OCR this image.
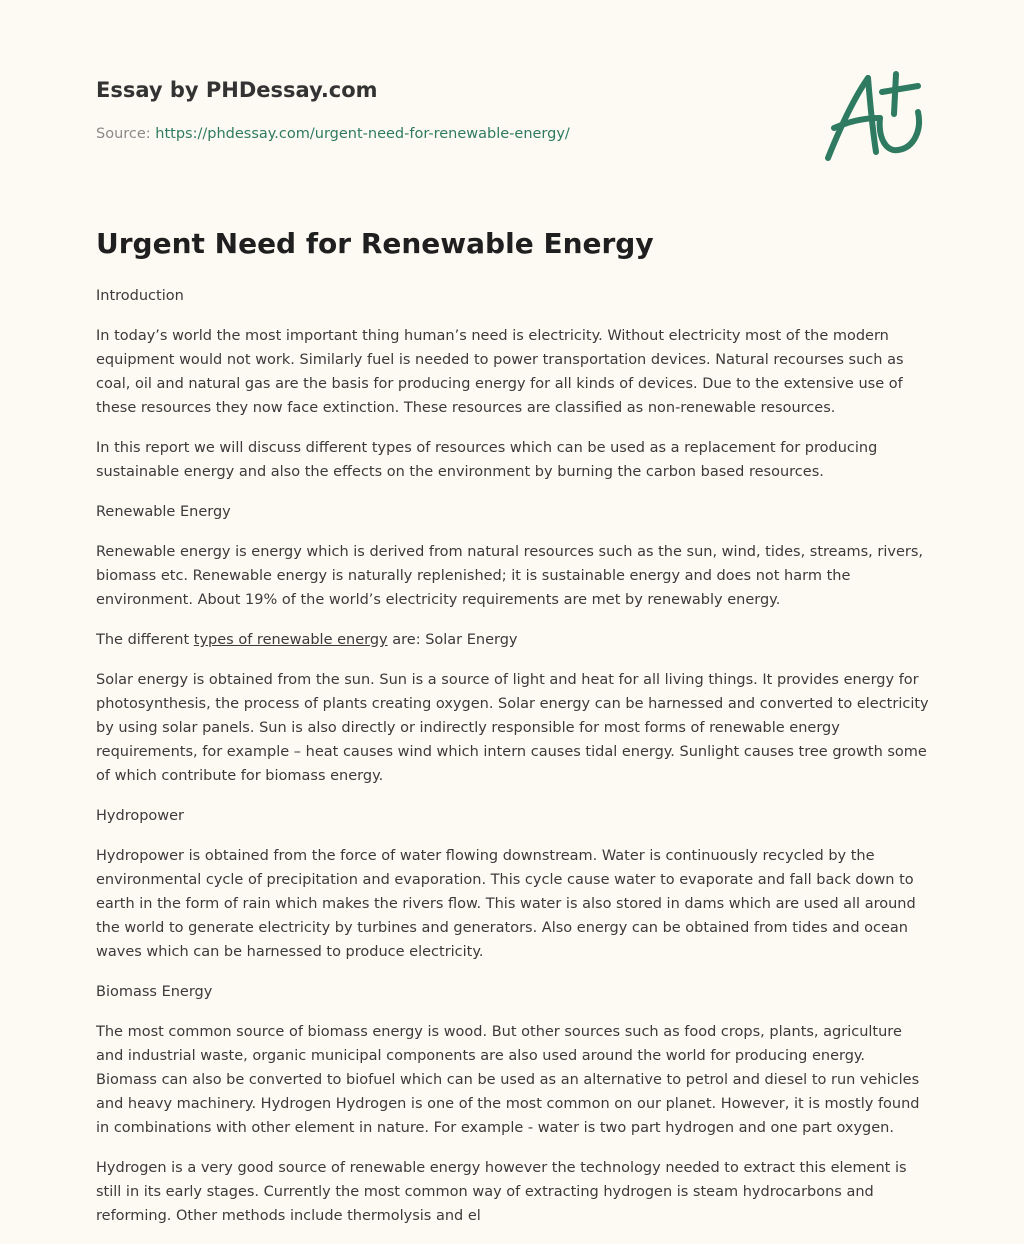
Essay by PHDessay.com
Source: https://phdessay.com/urgent-need-for-renewable-energy/
Urgent Need for Renewable Energy

Introduction

In today’s world the most important thing human’s need is electricity. Without electricity most of the modern equipment would not work. Similarly fuel is needed to power transportation devices. Natural recourses such as coal, oil and natural gas are the basis for producing energy for all kinds of devices. Due to the extensive use of these resources they now face extinction. These resources are classified as non-renewable resources.

In this report we will discuss different types of resources which can be used as a replacement for producing sustainable energy and also the effects on the environment by burning the carbon based resources.

Renewable Energy

Renewable energy is energy which is derived from natural resources such as the sun, wind, tides, streams, rivers, biomass etc. Renewable energy is naturally replenished; it is sustainable energy and does not harm the environment. About 19% of the world’s electricity requirements are met by renewably energy.

The different types of renewable energy are: Solar Energy

Solar energy is obtained from the sun. Sun is a source of light and heat for all living things. It provides energy for photosynthesis, the process of plants creating oxygen. Solar energy can be harnessed and converted to electricity by using solar panels. Sun is also directly or indirectly responsible for most forms of renewable energy requirements, for example – heat causes wind which intern causes tidal energy. Sunlight causes tree growth some of which contribute for biomass energy.

Hydropower

Hydropower is obtained from the force of water flowing downstream. Water is continuously recycled by the environmental cycle of precipitation and evaporation. This cycle cause water to evaporate and fall back down to earth in the form of rain which makes the rivers flow. This water is also stored in dams which are used all around the world to generate electricity by turbines and generators. Also energy can be obtained from tides and ocean waves which can be harnessed to produce electricity.

Biomass Energy

The most common source of biomass energy is wood. But other sources such as food crops, plants, agriculture and industrial waste, organic municipal components are also used around the world for producing energy. Biomass can also be converted to biofuel which can be used as an alternative to petrol and diesel to run vehicles and heavy machinery. Hydrogen Hydrogen is one of the most common on our planet. However, it is mostly found in combinations with other element in nature. For example - water is two part hydrogen and one part oxygen.

Hydrogen is a very good source of renewable energy however the technology needed to extract this element is still in its early stages. Currently the most common way of extracting hydrogen is steam hydrocarbons and reforming. Other methods include thermolysis and el
